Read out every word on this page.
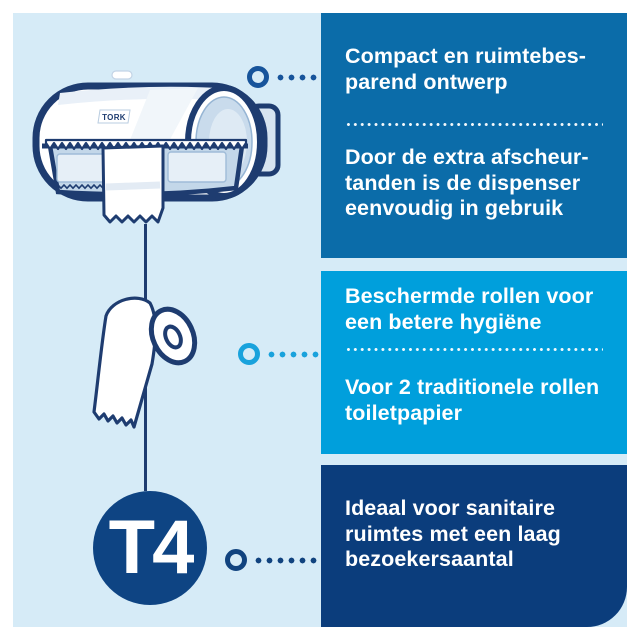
TORK
Compact en ruimtebes-
parend ontwerp
Door de extra afscheur-
tanden is de dispenser
eenvoudig in gebruik
Beschermde rollen voor
een betere hygiëne
Voor 2 traditionele rollen
toiletpapier
Ideaal voor sanitaire
ruimtes met een laag
bezoekersaantal
T4
